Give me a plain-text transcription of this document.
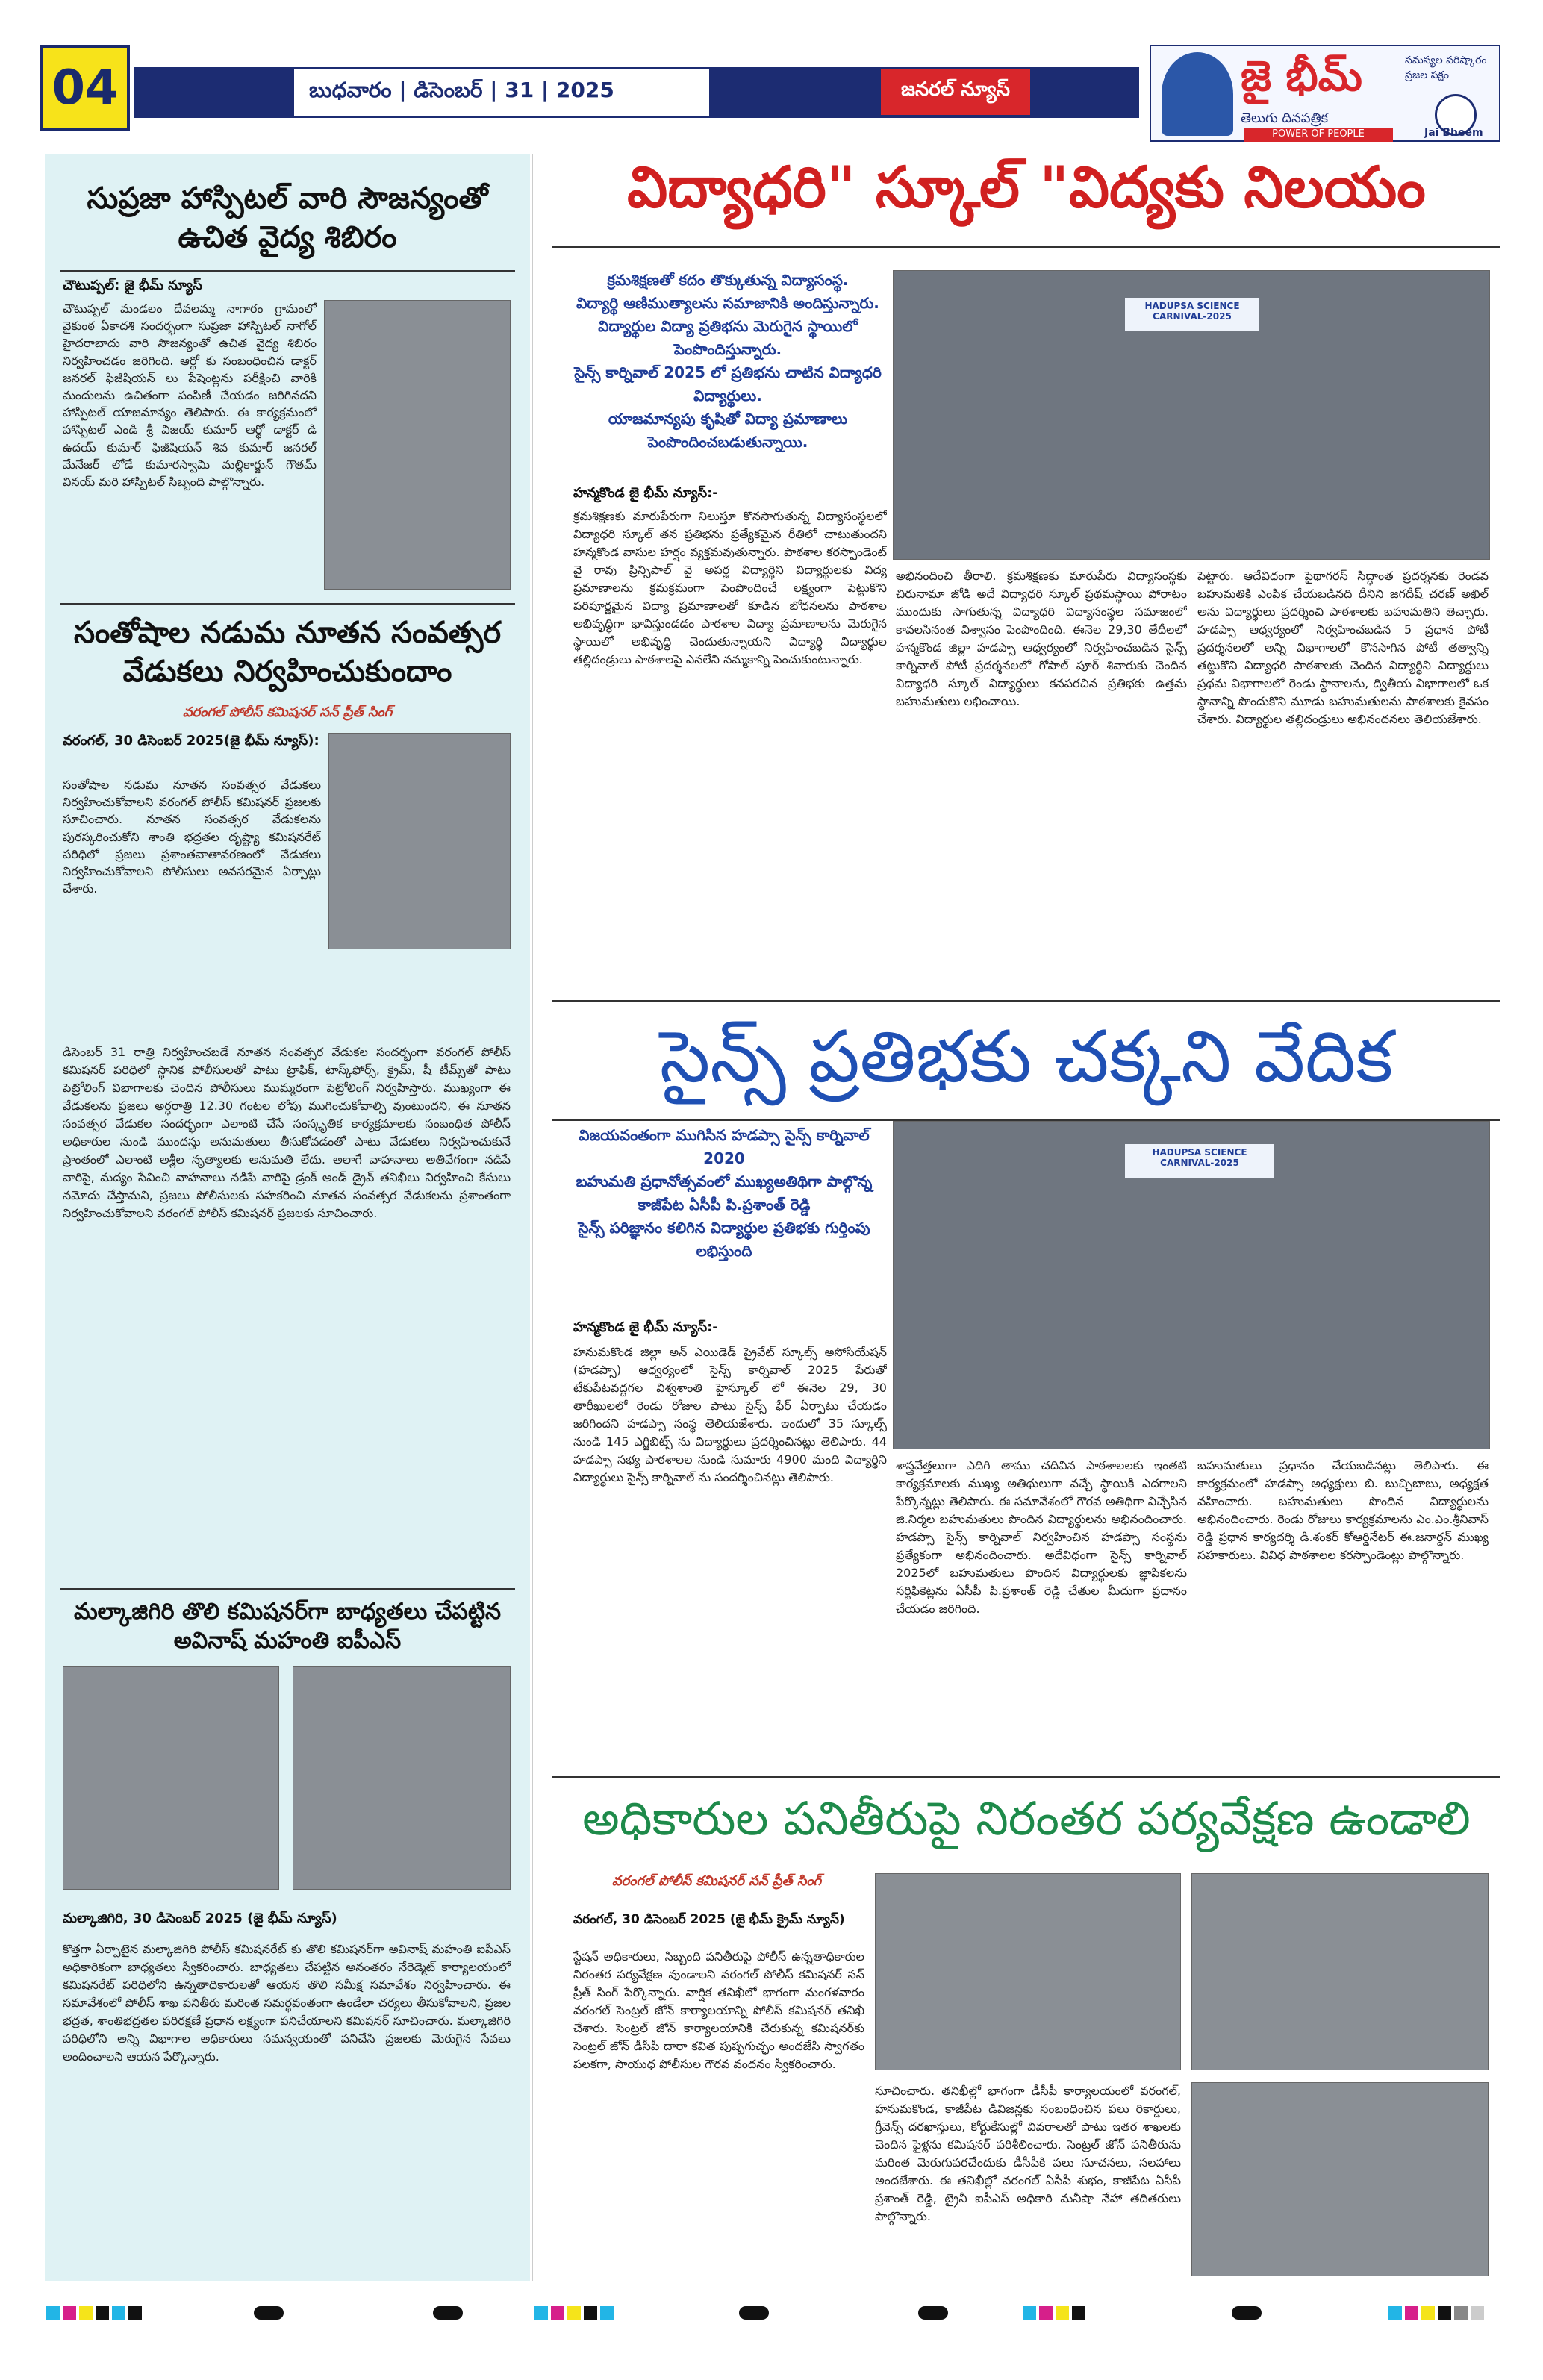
04	బుధవారం | డిసెంబర్ | 31 | 2025	జనరల్ న్యూస్	జై భీమ్
తెలుగు దినపత్రిక
POWER OF PEOPLE
సమస్యల పరిష్కారం ప్రజల పక్షం
Jai Bheem
సుప్రజా హాస్పిటల్ వారి సౌజన్యంతో ఉచిత వైద్య శిబిరం
చౌటుప్పల్: జై భీమ్ న్యూస్
చౌటుప్పల్ మండలం దేవలమ్మ నాగారం గ్రామంలో వైకుంఠ ఏకాదశి సందర్భంగా సుప్రజా హాస్పిటల్ నాగోల్ హైదరాబాదు వారి సౌజన్యంతో ఉచిత వైద్య శిబిరం నిర్వహించడం జరిగింది. ఆర్థో కు సంబంధించిన డాక్టర్ జనరల్ ఫిజీషియన్ లు పేషెంట్లను పరీక్షించి వారికి మందులను ఉచితంగా పంపిణీ చేయడం జరిగినదని హాస్పిటల్ యాజమాన్యం తెలిపారు. ఈ కార్యక్రమంలో హాస్పిటల్ ఎండి శ్రీ విజయ్ కుమార్ ఆర్థో డాక్టర్ డి ఉదయ్ కుమార్ ఫిజీషియన్ శివ కుమార్ జనరల్ మేనేజర్ లోడే కుమారస్వామి మల్లికార్జున్ గౌతమ్ వినయ్ మరి హాస్పిటల్ సిబ్బంది పాల్గొన్నారు.
సంతోషాల నడుమ నూతన సంవత్సర వేడుకలు నిర్వహించుకుందాం
వరంగల్ పోలీస్ కమిషనర్ సన్ ప్రీత్ సింగ్
వరంగల్, 30 డిసెంబర్ 2025(జై భీమ్ న్యూస్):
సంతోషాల నడుమ నూతన సంవత్సర వేడుకలు నిర్వహించుకోవాలని వరంగల్ పోలీస్ కమిషనర్ ప్రజలకు సూచించారు. నూతన సంవత్సర వేడుకలను పురస్కరించుకోని శాంతి భద్రతల దృష్ట్యా కమిషనరేట్ పరిధిలో ప్రజలు ప్రశాంతవాతావరణంలో వేడుకలు నిర్వహించుకోవాలని పోలీసులు అవసరమైన ఏర్పాట్లు చేశారు.
డిసెంబర్ 31 రాత్రి నిర్వహించబడే నూతన సంవత్సర వేడుకల సందర్భంగా వరంగల్ పోలీస్ కమిషనర్ పరిధిలో స్థానిక పోలీసులతో పాటు ట్రాఫిక్, టాస్క్‌ఫోర్స్, క్రైమ్, షీ టీమ్స్‌తో పాటు పెట్రోలింగ్ విభాగాలకు చెందిన పోలీసులు ముమ్మరంగా పెట్రోలింగ్ నిర్వహిస్తారు. ముఖ్యంగా ఈ వేడుకలను ప్రజలు అర్ధరాత్రి 12.30 గంటల లోపు ముగించుకోవాల్సి వుంటుందని, ఈ నూతన సంవత్సర వేడుకల సందర్భంగా ఎలాంటి చేసే సంస్కృతిక కార్యక్రమాలకు సంబంధిత పోలీస్ అధికారుల నుండి ముందస్తు అనుమతులు తీసుకోవడంతో పాటు వేడుకలు నిర్వహించుకునే ప్రాంతంలో ఎలాంటి అశ్లీల నృత్యాలకు అనుమతి లేదు. అలాగే వాహనాలు అతివేగంగా నడిపే వారిపై, మద్యం సేవించి వాహనాలు నడిపే వారిపై డ్రంక్ అండ్ డ్రైవ్ తనిఖీలు నిర్వహించి కేసులు నమోదు చేస్తామని, ప్రజలు పోలీసులకు సహకరించి నూతన సంవత్సర వేడుకలను ప్రశాంతంగా నిర్వహించుకోవాలని వరంగల్ పోలీస్ కమిషనర్ ప్రజలకు సూచించారు.
మల్కాజిగిరి తొలి కమిషనర్‌గా బాధ్యతలు చేపట్టిన అవినాష్ మహంతి ఐపీఎస్
మల్కాజిగిరి, 30 డిసెంబర్ 2025 (జై భీమ్ న్యూస్)
కొత్తగా ఏర్పాటైన మల్కాజిగిరి పోలీస్ కమిషనరేట్ కు తొలి కమిషనర్‌గా అవినాష్ మహంతి ఐపీఎస్ అధికారికంగా బాధ్యతలు స్వీకరించారు. బాధ్యతలు చేపట్టిన అనంతరం నేరెడ్మెట్ కార్యాలయంలో కమిషనరేట్ పరిధిలోని ఉన్నతాధికారులతో ఆయన తొలి సమీక్ష సమావేశం నిర్వహించారు. ఈ సమావేశంలో పోలీస్ శాఖ పనితీరు మరింత సమర్థవంతంగా ఉండేలా చర్యలు తీసుకోవాలని, ప్రజల భద్రత, శాంతిభద్రతల పరిరక్షణే ప్రధాన లక్ష్యంగా పనిచేయాలని కమిషనర్ సూచించారు. మల్కాజిగిరి పరిధిలోని అన్ని విభాగాల అధికారులు సమన్వయంతో పనిచేసి ప్రజలకు మెరుగైన సేవలు అందించాలని ఆయన పేర్కొన్నారు.
విద్యాధరి" స్కూల్ "విద్యకు నిలయం
క్రమశిక్షణతో కదం తొక్కుతున్న విద్యాసంస్థ.
విద్యార్థి ఆణిముత్యాలను సమాజానికి అందిస్తున్నారు.
విద్యార్థుల విద్యా ప్రతిభను మెరుగైన స్థాయిలో పెంపొందిస్తున్నారు.
సైన్స్ కార్నివాల్ 2025 లో ప్రతిభను చాటిన విద్యాధరి విద్యార్థులు.
యాజమాన్యపు కృషితో విద్యా ప్రమాణాలు పెంపొందించబడుతున్నాయి.
HADUPSA SCIENCE CARNIVAL-2025
హన్మకొండ జై భీమ్ న్యూస్:-
క్రమశిక్షణకు మారుపేరుగా నిలుస్తూ కొనసాగుతున్న విద్యాసంస్థలలో విద్యాధరి స్కూల్ తన ప్రతిభను ప్రత్యేకమైన రీతిలో చాటుతుందని హన్మకొండ వాసుల హర్షం వ్యక్తమవుతున్నారు. పాఠశాల కరస్పాండెంట్ వై రావు ప్రిన్సిపాల్ వై అపర్ణ విద్యార్థిని విద్యార్థులకు విద్య ప్రమాణాలను క్రమక్రమంగా పెంపొందించే లక్ష్యంగా పెట్టుకొని పరిపూర్ణమైన విద్యా ప్రమాణాలతో కూడిన బోధనలను పాఠశాల అభివృద్ధిగా భావిస్తుండడం పాఠశాల విద్యా ప్రమాణాలను మెరుగైన స్థాయిలో అభివృద్ధి చెందుతున్నాయని విద్యార్థి విద్యార్థుల తల్లిదండ్రులు పాఠశాలపై ఎనలేని నమ్మకాన్ని పెంచుకుంటున్నారు.
అభినందించి తీరాలి. క్రమశిక్షణకు మారుపేరు విద్యాసంస్థకు చిరునామా జోడి అదే విద్యాధరి స్కూల్ ప్రథమస్థాయి పోరాటం ముందుకు సాగుతున్న విద్యాధరి విద్యాసంస్థల సమాజంలో కావలసినంత విశ్వాసం పెంపొందింది. ఈనెల 29,30 తేదీలలో హన్మకొండ జిల్లా హడప్సా ఆధ్వర్యంలో నిర్వహించబడిన సైన్స్ కార్నివాల్ పోటీ ప్రదర్శనలలో గోపాల్ పూర్ శివారుకు చెందిన విద్యాధరి స్కూల్ విద్యార్థులు కనపరచిన ప్రతిభకు ఉత్తమ బహుమతులు లభించాయి.
పెట్టారు. ఆదేవిధంగా పైథాగరస్ సిద్ధాంత ప్రదర్శనకు రెండవ బహుమతికి ఎంపిక చేయబడినది దీనిని జగదీష్ చరణ్ అఖిల్ అను విద్యార్థులు ప్రదర్శించి పాఠశాలకు బహుమతిని తెచ్చారు. హడప్సా ఆధ్వర్యంలో నిర్వహించబడిన 5 ప్రధాన పోటీ ప్రదర్శనలలో అన్ని విభాగాలలో కొనసాగిన పోటీ తత్వాన్ని తట్టుకొని విద్యాధరి పాఠశాలకు చెందిన విద్యార్థిని విద్యార్థులు ప్రథమ విభాగాలలో రెండు స్థానాలను, ద్వితీయ విభాగాలలో ఒక స్థానాన్ని పొందుకొని మూడు బహుమతులను పాఠశాలకు కైవసం చేశారు. విద్యార్థుల తల్లిదండ్రులు అభినందనలు తెలియజేశారు.
సైన్స్ ప్రతిభకు చక్కని వేదిక
విజయవంతంగా ముగిసిన హడప్సా సైన్స్ కార్నివాల్ 2020
బహుమతి ప్రధానోత్సవంలో ముఖ్యఅతిథిగా పాల్గొన్న కాజీపేట ఏసీపీ పి.ప్రశాంత్ రెడ్డి
సైన్స్ పరిజ్ఞానం కలిగిన విద్యార్థుల ప్రతిభకు గుర్తింపు లభిస్తుంది
HADUPSA SCIENCE CARNIVAL-2025
హన్మకొండ జై భీమ్ న్యూస్:-
హనుమకొండ జిల్లా అన్ ఎయిడెడ్ ప్రైవేట్ స్కూల్స్ అసోసియేషన్ (హడప్సా) ఆధ్వర్యంలో సైన్స్ కార్నివాల్ 2025 పేరుతో టేకుపేటవద్దగల విశ్వశాంతి హైస్కూల్ లో ఈనెల 29, 30 తారీఖులలో రెండు రోజుల పాటు సైన్స్ ఫేర్ ఏర్పాటు చేయడం జరిగిందని హడప్సా సంస్థ తెలియజేశారు. ఇందులో 35 స్కూల్స్ నుండి 145 ఎగ్జిబిట్స్ ను విద్యార్థులు ప్రదర్శించినట్లు తెలిపారు. 44 హడప్సా సభ్య పాఠశాలల నుండి సుమారు 4900 మంది విద్యార్థిని విద్యార్థులు సైన్స్ కార్నివాల్ ను సందర్శించినట్లు తెలిపారు.
శాస్త్రవేత్తలుగా ఎదిగి తాము చదివిన పాఠశాలలకు ఇంతటి కార్యక్రమాలకు ముఖ్య అతిథులుగా వచ్చే స్థాయికి ఎదగాలని పేర్కొన్నట్లు తెలిపారు. ఈ సమావేశంలో గౌరవ అతిథిగా విచ్చేసిన జి.నిర్మల బహుమతులు పొందిన విద్యార్థులను అభినందించారు. హడప్సా సైన్స్ కార్నివాల్ నిర్వహించిన హడప్సా సంస్థను ప్రత్యేకంగా అభినందించారు. అదేవిధంగా సైన్స్ కార్నివాల్ 2025లో బహుమతులు పొందిన విద్యార్థులకు జ్ఞాపికలను సర్టిఫికెట్లను ఏసీపీ పి.ప్రశాంత్ రెడ్డి చేతుల మీదుగా ప్రదానం చేయడం జరిగింది.
బహుమతులు ప్రధానం చేయబడినట్లు తెలిపారు. ఈ కార్యక్రమంలో హడప్సా అధ్యక్షులు బి. బుచ్చిబాబు, అధ్యక్షత వహించారు. బహుమతులు పొందిన విద్యార్థులను అభినందించారు. రెండు రోజులు కార్యక్రమాలను ఎం.ఎం.శ్రీనివాస్ రెడ్డి ప్రధాన కార్యదర్శి డి.శంకర్ కోఆర్డినేటర్ ఈ.జనార్దన్ ముఖ్య సహకారులు. వివిధ పాఠశాలల కరస్పాండెంట్లు పాల్గొన్నారు.
అధికారుల పనితీరుపై నిరంతర పర్యవేక్షణ ఉండాలి
వరంగల్ పోలీస్ కమిషనర్ సన్ ప్రీత్ సింగ్
వరంగల్, 30 డిసెంబర్ 2025 (జై భీమ్ క్రైమ్ న్యూస్)
స్టేషన్ అధికారులు, సిబ్బంది పనితీరుపై పోలీస్ ఉన్నతాధికారుల నిరంతర పర్యవేక్షణ వుండాలని వరంగల్ పోలీస్ కమిషనర్ సన్ ప్రీత్ సింగ్ పేర్కొన్నారు. వార్షిక తనిఖీలో భాగంగా మంగళవారం వరంగల్ సెంట్రల్ జోన్ కార్యాలయాన్ని పోలీస్ కమిషనర్ తనిఖీ చేశారు. సెంట్రల్ జోన్ కార్యాలయానికి చేరుకున్న కమిషనర్‌కు సెంట్రల్ జోన్ డీసీపీ దారా కవిత పుష్పగుచ్ఛం అందజేసి స్వాగతం పలకగా, సాయుధ పోలీసుల గౌరవ వందనం స్వీకరించారు.
సూచించారు. తనిఖీల్లో భాగంగా డీసీపీ కార్యాలయంలో వరంగల్, హనుమకొండ, కాజీపేట డివిజన్లకు సంబంధించిన పలు రికార్డులు, గ్రీవెన్స్ దరఖాస్తులు, కోర్టుకేసుల్లో వివరాలతో పాటు ఇతర శాఖలకు చెందిన ఫైళ్లను కమిషనర్ పరిశీలించారు. సెంట్రల్ జోన్ పనితీరును మరింత మెరుగుపరచేందుకు డీసీపీకి పలు సూచనలు, సలహాలు అందజేశారు. ఈ తనిఖీల్లో వరంగల్ ఏసీపీ శుభం, కాజీపేట ఏసీపీ ప్రశాంత్ రెడ్డి, ట్రైనీ ఐపీఎస్ అధికారి మనీషా నేహా తదితరులు పాల్గొన్నారు.
